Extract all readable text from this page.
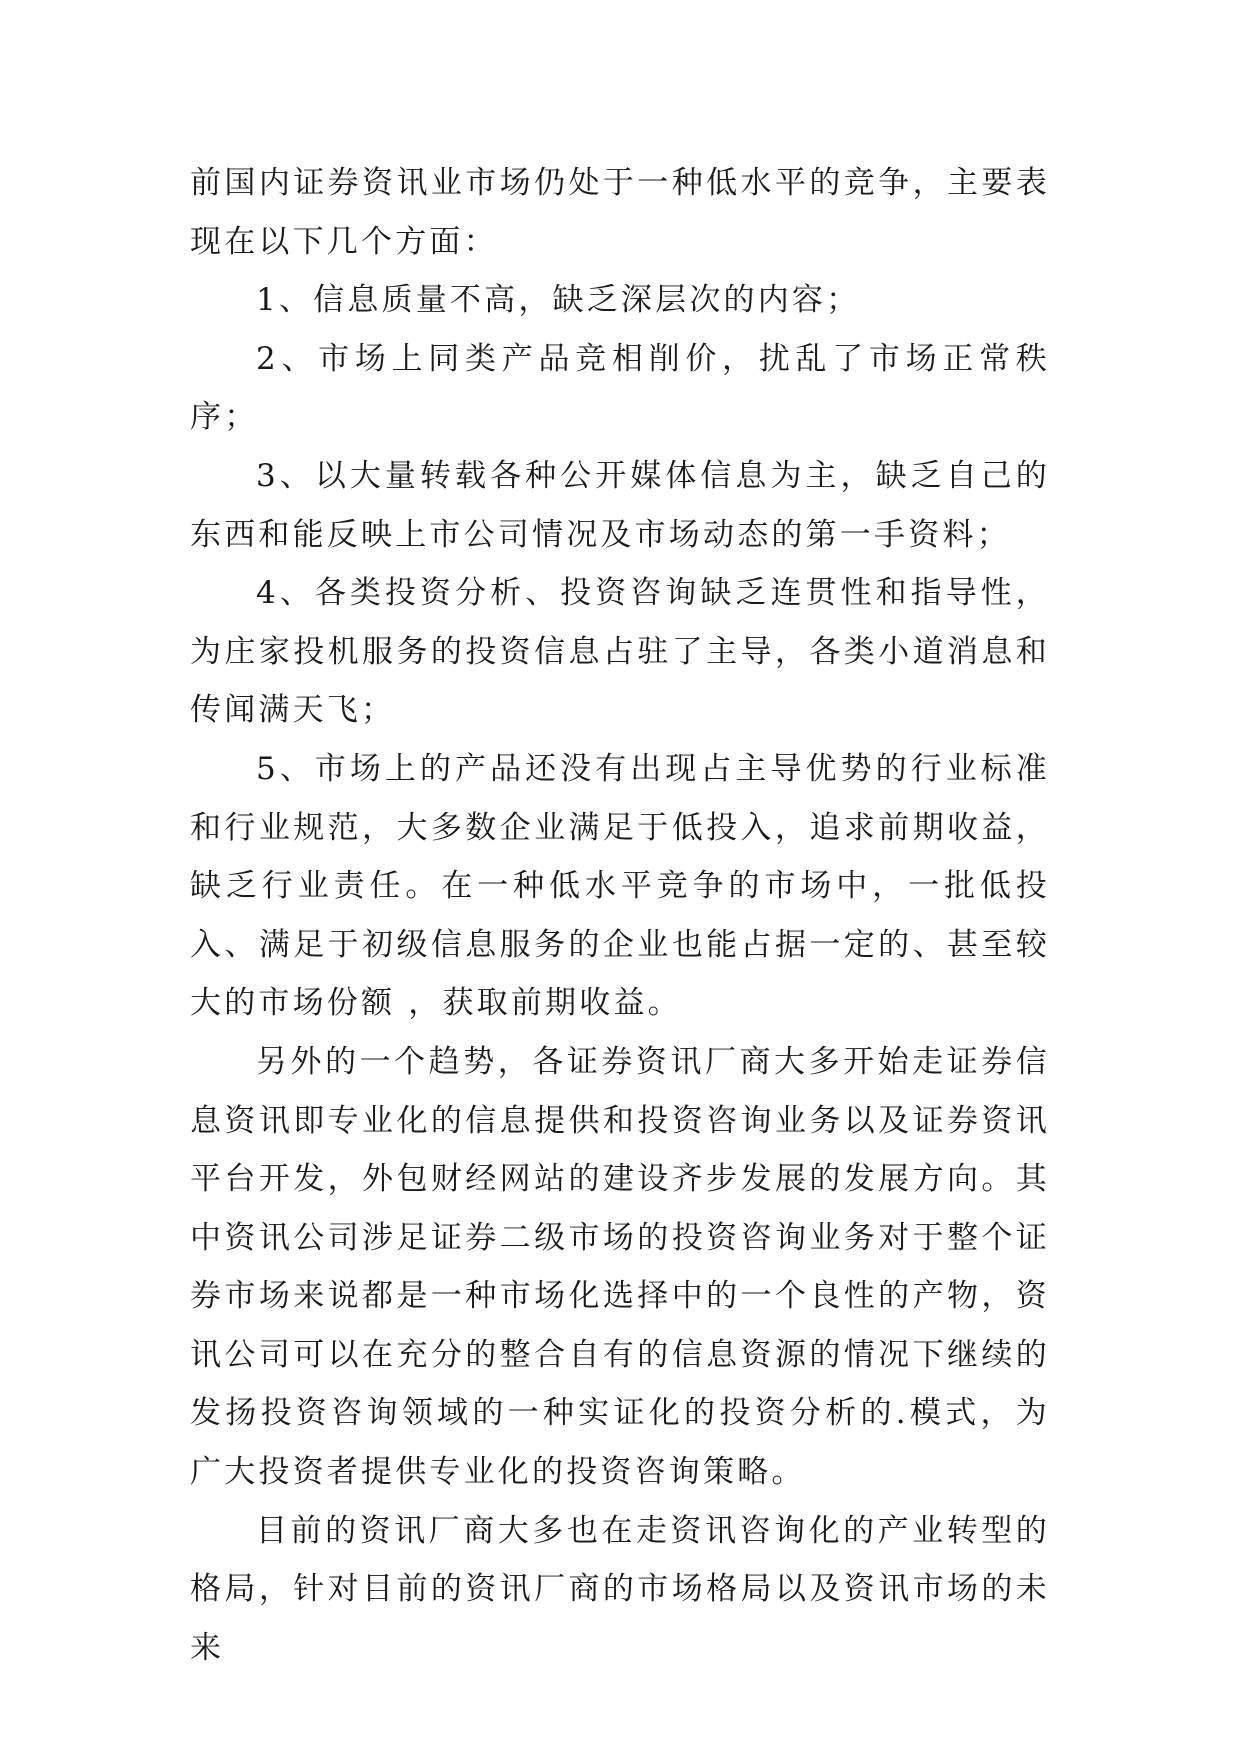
前国内证券资讯业市场仍处于一种低水平的竞争，主要表现在以下几个方面：

1、信息质量不高，缺乏深层次的内容；

2、市场上同类产品竞相削价，扰乱了市场正常秩序；

3、以大量转载各种公开媒体信息为主，缺乏自己的东西和能反映上市公司情况及市场动态的第一手资料；

4、各类投资分析、投资咨询缺乏连贯性和指导性，为庄家投机服务的投资信息占驻了主导，各类小道消息和传闻满天飞；

5、市场上的产品还没有出现占主导优势的行业标准和行业规范，大多数企业满足于低投入，追求前期收益，缺乏行业责任。在一种低水平竞争的市场中，一批低投入、满足于初级信息服务的企业也能占据一定的、甚至较大的市场份额 ，获取前期收益。

另外的一个趋势，各证券资讯厂商大多开始走证券信息资讯即专业化的信息提供和投资咨询业务以及证券资讯平台开发，外包财经网站的建设齐步发展的发展方向。其中资讯公司涉足证券二级市场的投资咨询业务对于整个证券市场来说都是一种市场化选择中的一个良性的产物，资讯公司可以在充分的整合自有的信息资源的情况下继续的发扬投资咨询领域的一种实证化的投资分析的.模式，为广大投资者提供专业化的投资咨询策略。

目前的资讯厂商大多也在走资讯咨询化的产业转型的格局，针对目前的资讯厂商的市场格局以及资讯市场的未来
